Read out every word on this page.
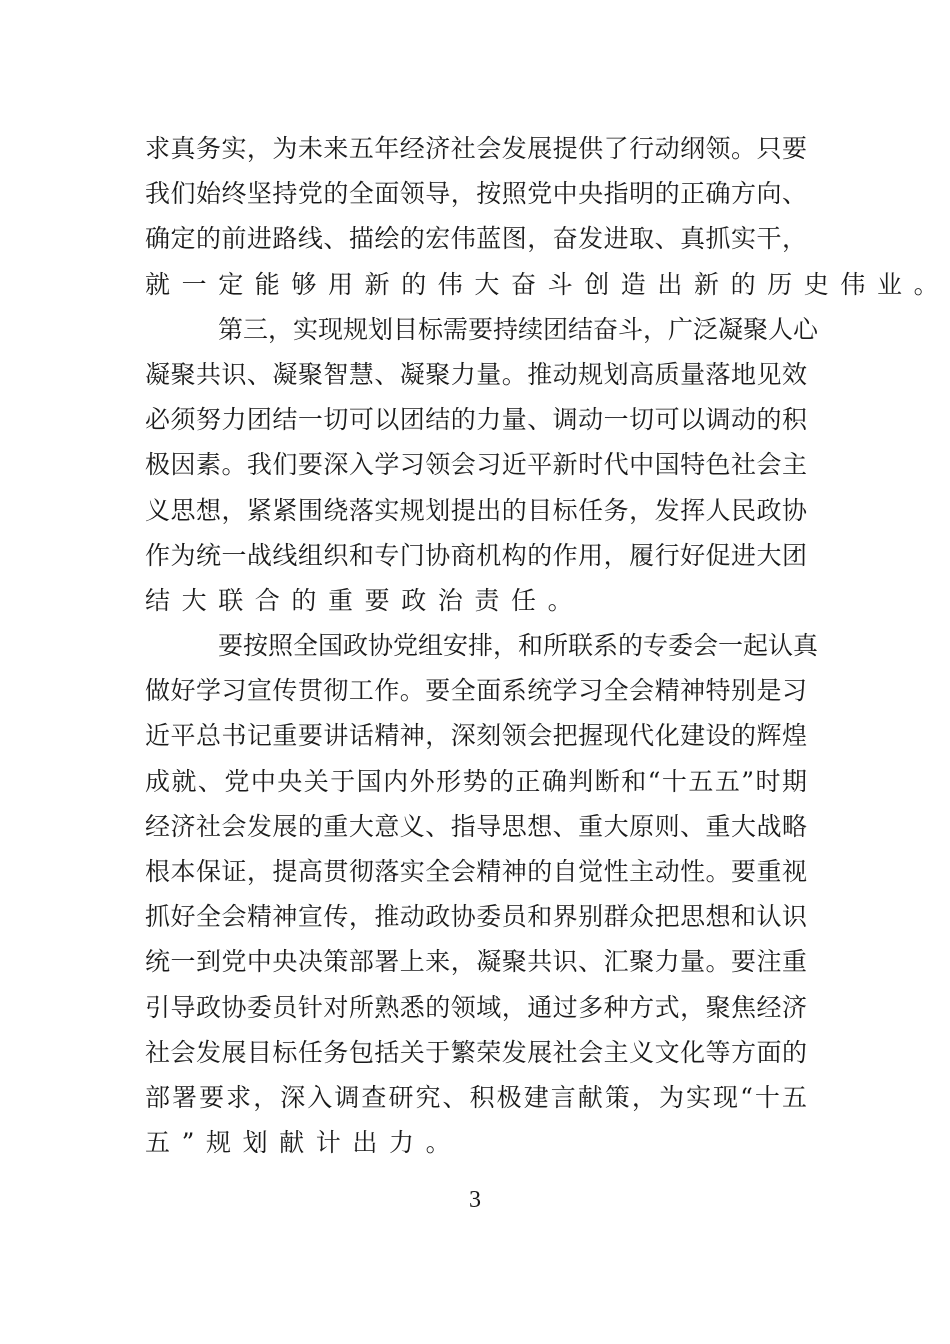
求真务实，为未来五年经济社会发展提供了行动纲领。只要
我们始终坚持党的全面领导，按照党中央指明的正确方向、
确定的前进路线、描绘的宏伟蓝图，奋发进取、真抓实干，
就一定能够用新的伟大奋斗创造出新的历史伟业。
第三，实现规划目标需要持续团结奋斗，广泛凝聚人心
凝聚共识、凝聚智慧、凝聚力量。推动规划高质量落地见效
必须努力团结一切可以团结的力量、调动一切可以调动的积
极因素。我们要深入学习领会习近平新时代中国特色社会主
义思想，紧紧围绕落实规划提出的目标任务，发挥人民政协
作为统一战线组织和专门协商机构的作用，履行好促进大团
结大联合的重要政治责任。
要按照全国政协党组安排，和所联系的专委会一起认真
做好学习宣传贯彻工作。要全面系统学习全会精神特别是习
近平总书记重要讲话精神，深刻领会把握现代化建设的辉煌
成就、党中央关于国内外形势的正确判断和“十五五”时期
经济社会发展的重大意义、指导思想、重大原则、重大战略
根本保证，提高贯彻落实全会精神的自觉性主动性。要重视
抓好全会精神宣传，推动政协委员和界别群众把思想和认识
统一到党中央决策部署上来，凝聚共识、汇聚力量。要注重
引导政协委员针对所熟悉的领域，通过多种方式，聚焦经济
社会发展目标任务包括关于繁荣发展社会主义文化等方面的
部署要求，深入调查研究、积极建言献策，为实现“十五
五”规划献计出力。
3
